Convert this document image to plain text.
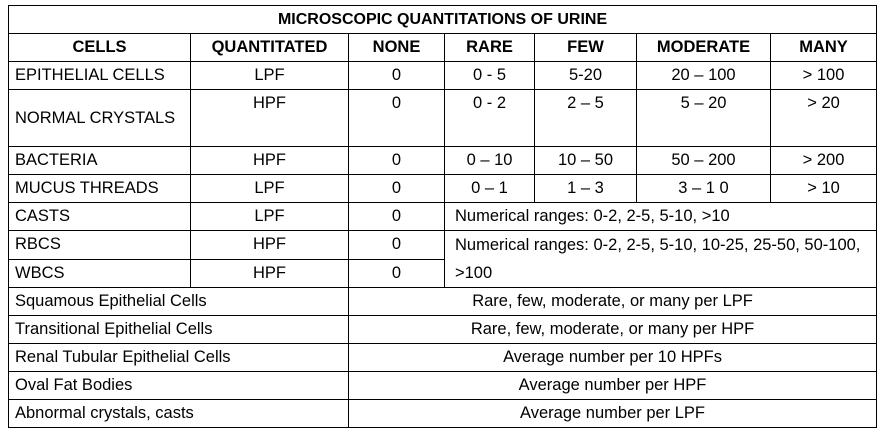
MICROSCOPIC QUANTITATIONS OF URINE						
CELLS	QUANTITATED	NONE	RARE	FEW	MODERATE	MANY
EPITHELIAL CELLS	LPF	0	0 - 5	5-20	20 – 100	> 100
NORMAL CRYSTALS	HPF	0	0 - 2	2 – 5	5 – 20	> 20
BACTERIA	HPF	0	0 – 10	10 – 50	50 – 200	> 200
MUCUS THREADS	LPF	0	0 – 1	1 – 3	3 – 1 0	> 10
CASTS	LPF	0	Numerical ranges: 0-2, 2-5, 5-10, >10			
RBCS	HPF	0	Numerical ranges: 0-2, 2-5, 5-10, 10-25, 25-50, 50-100, >100			
WBCS	HPF	0				
Squamous Epithelial Cells		Rare, few, moderate, or many per LPF				
Transitional Epithelial Cells		Rare, few, moderate, or many per HPF				
Renal Tubular Epithelial Cells		Average number per 10 HPFs				
Oval Fat Bodies		Average number per HPF				
Abnormal crystals, casts		Average number per LPF				
